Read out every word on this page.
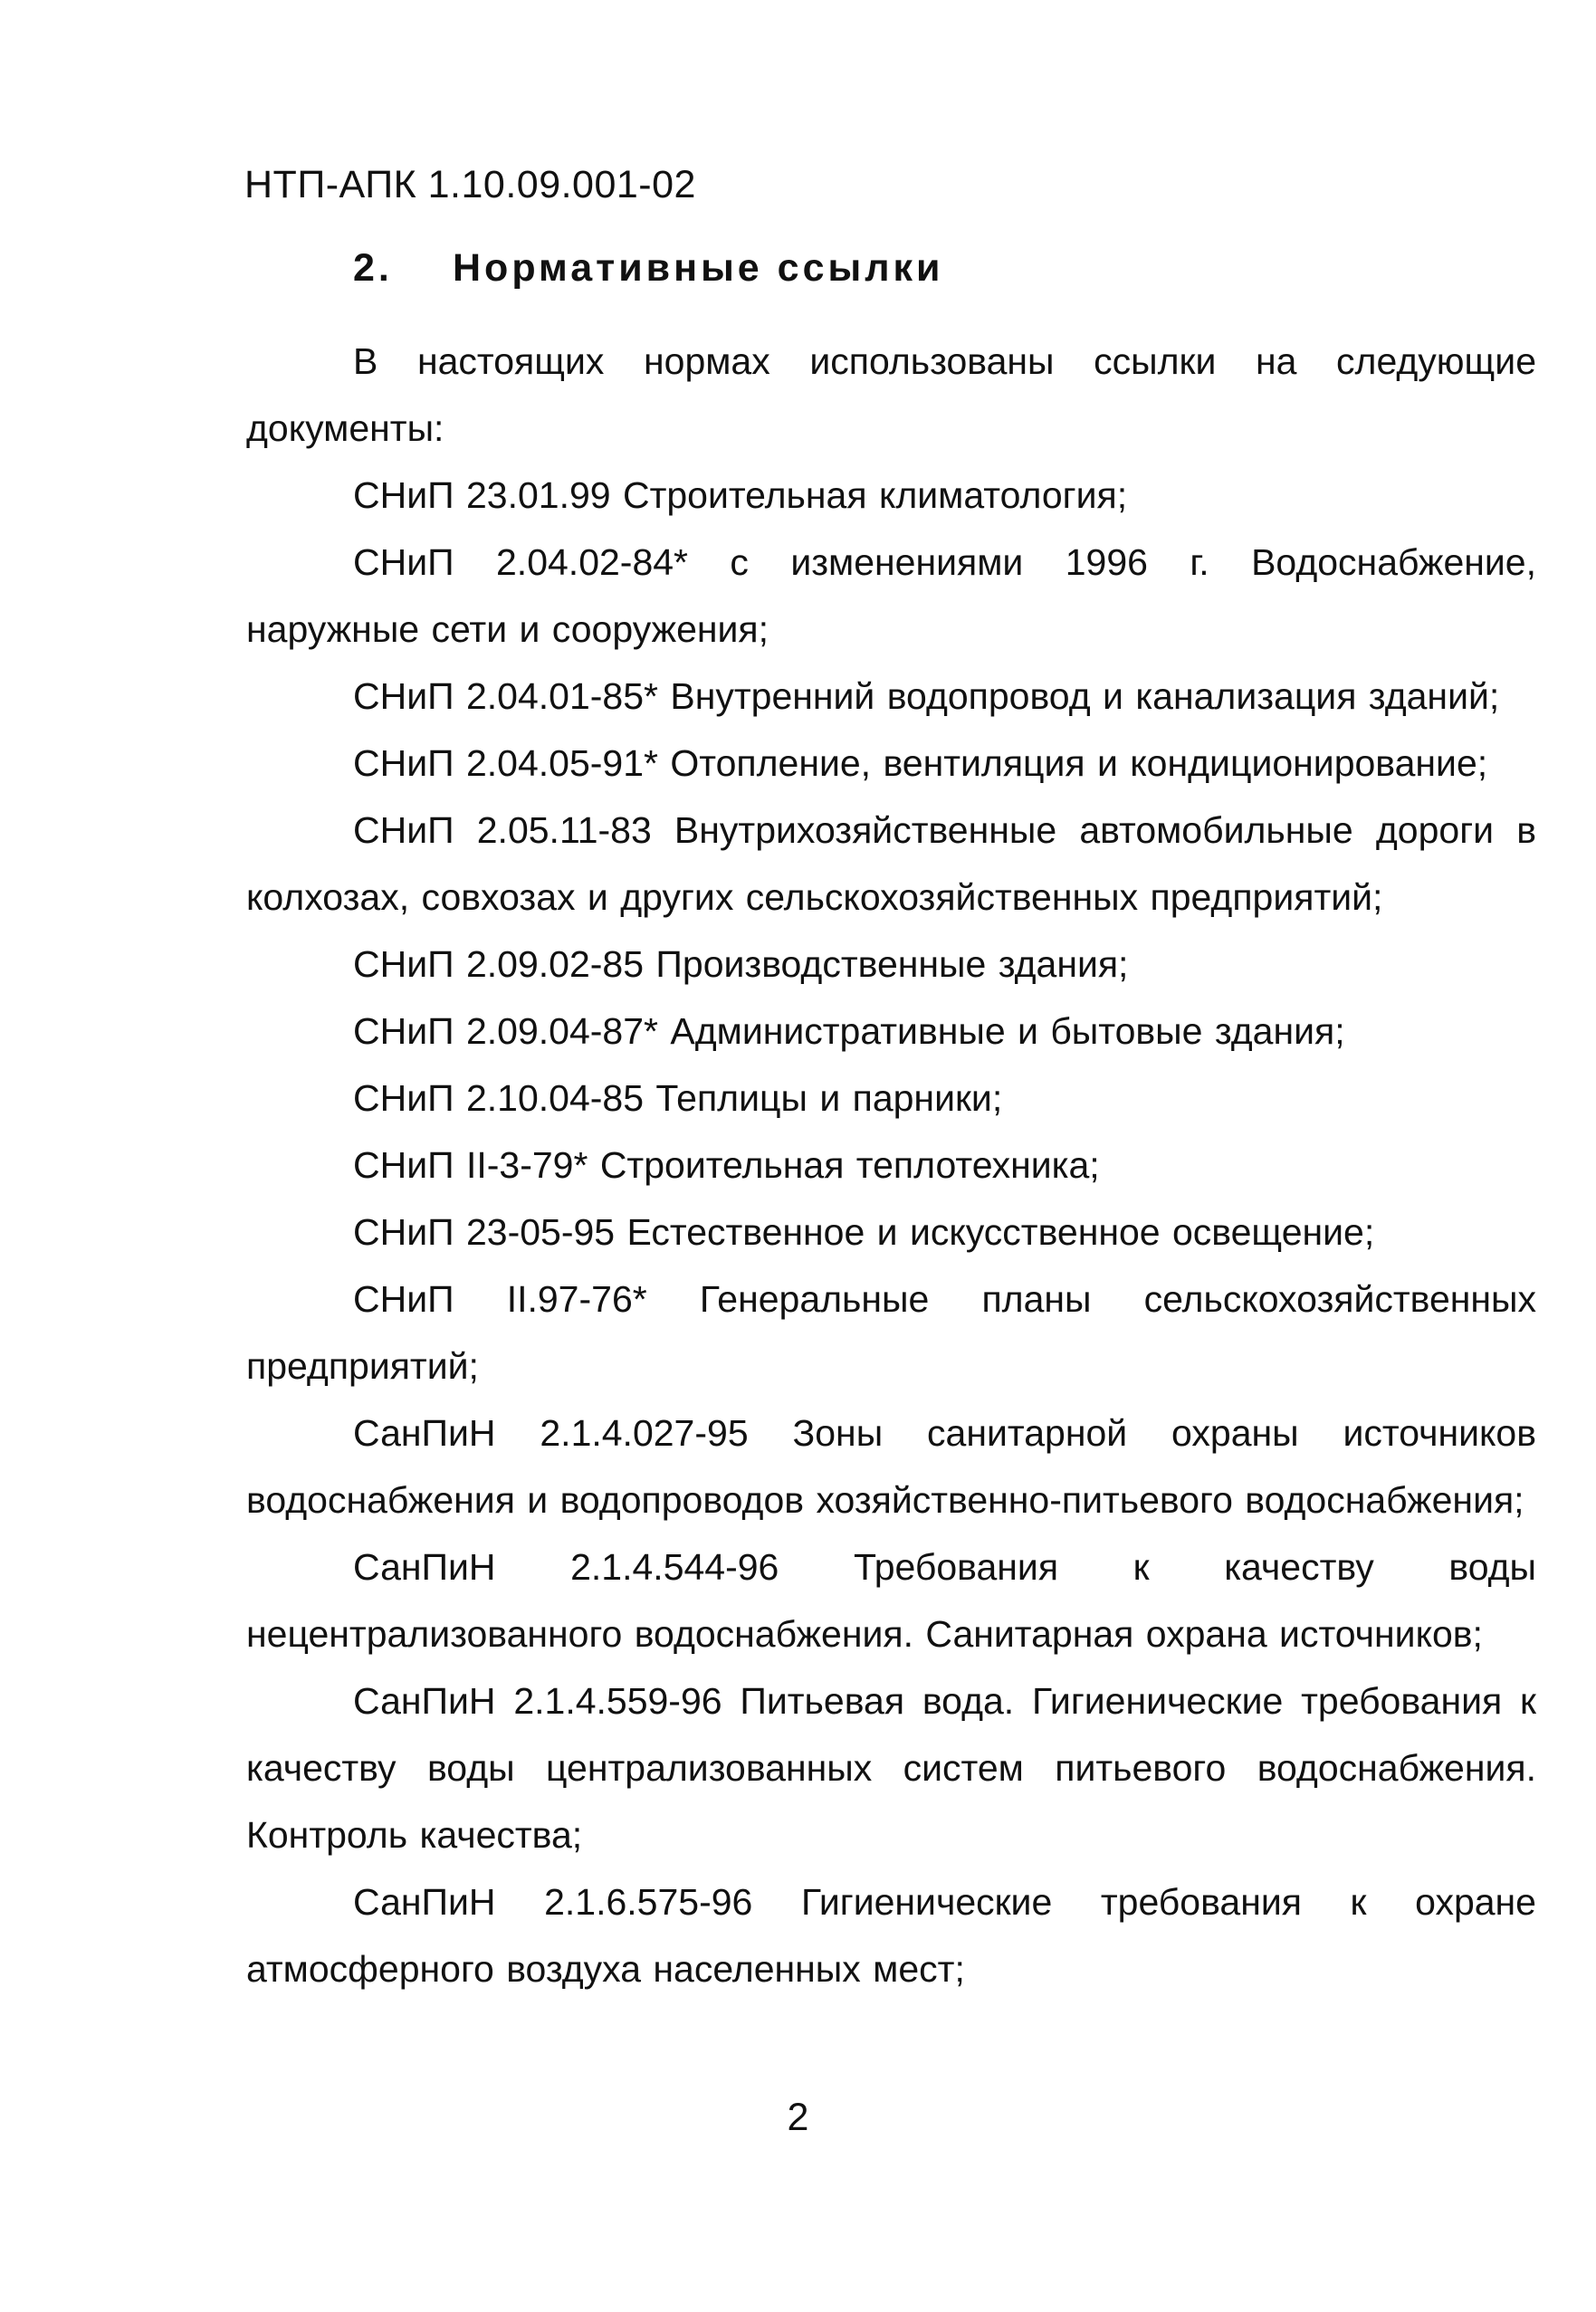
НТП-АПК 1.10.09.001-02
2. Нормативные ссылки

В настоящих нормах использованы ссылки на следующие документы:

СНиП 23.01.99 Строительная климатология;

СНиП 2.04.02-84* с изменениями 1996 г. Водоснабжение, наружные сети и сооружения;

СНиП 2.04.01-85* Внутренний водопровод и канализация зданий;

СНиП 2.04.05-91* Отопление, вентиляция и кондиционирование;

СНиП 2.05.11-83 Внутрихозяйственные автомобильные дороги в колхозах, совхозах и других сельскохозяйственных предприятий;

СНиП 2.09.02-85 Производственные здания;

СНиП 2.09.04-87* Административные и бытовые здания;

СНиП 2.10.04-85 Теплицы и парники;

СНиП II-3-79* Строительная теплотехника;

СНиП 23-05-95 Естественное и искусственное освещение;

СНиП II.97-76* Генеральные планы сельскохозяйственных предприятий;

СанПиН 2.1.4.027-95 Зоны санитарной охраны источников водоснабжения и водопроводов хозяйственно-питьевого водоснабжения;

СанПиН 2.1.4.544-96 Требования к качеству воды нецентрализованного водоснабжения. Санитарная охрана источников;

СанПиН 2.1.4.559-96 Питьевая вода. Гигиенические требования к качеству воды централизованных систем питьевого водоснабжения. Контроль качества;

СанПиН 2.1.6.575-96 Гигиенические требования к охране атмосферного воздуха населенных мест;

2
